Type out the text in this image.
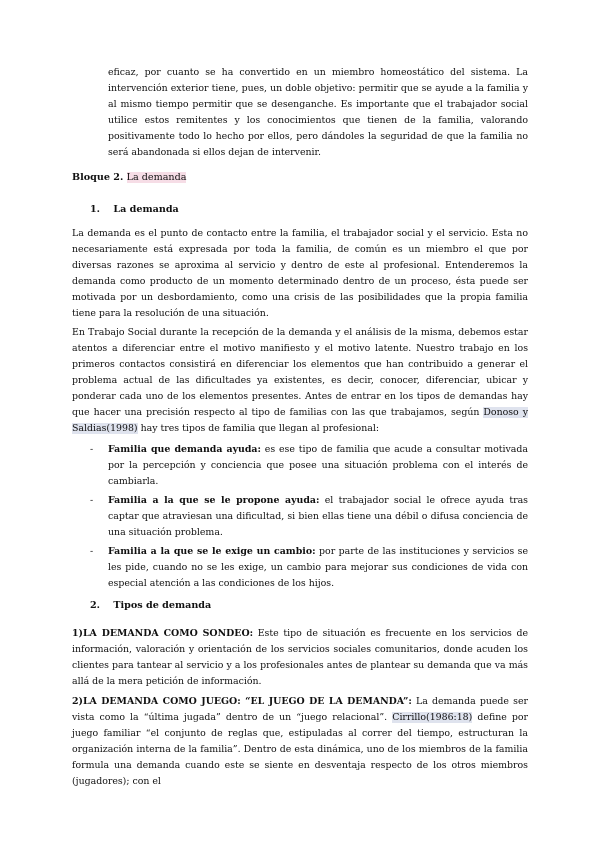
eficaz, por cuanto se ha convertido en un miembro homeostático del sistema. La intervención exterior tiene, pues, un doble objetivo: permitir que se ayude a la familia y al mismo tiempo permitir que se desenganche. Es importante que el trabajador social utilice estos remitentes y los conocimientos que tienen de la familia, valorando positivamente todo lo hecho por ellos, pero dándoles la seguridad de que la familia no será abandonada si ellos dejan de intervenir.

Bloque 2. La demanda
1. La demanda

La demanda es el punto de contacto entre la familia, el trabajador social y el servicio. Esta no necesariamente está expresada por toda la familia, de común es un miembro el que por diversas razones se aproxima al servicio y dentro de este al profesional. Entenderemos la demanda como producto de un momento determinado dentro de un proceso, ésta puede ser motivada por un desbordamiento, como una crisis de las posibilidades que la propia familia tiene para la resolución de una situación.

En Trabajo Social durante la recepción de la demanda y el análisis de la misma, debemos estar atentos a diferenciar entre el motivo manifiesto y el motivo latente. Nuestro trabajo en los primeros contactos consistirá en diferenciar los elementos que han contribuido a generar el problema actual de las dificultades ya existentes, es decir, conocer, diferenciar, ubicar y ponderar cada uno de los elementos presentes. Antes de entrar en los tipos de demandas hay que hacer una precisión respecto al tipo de familias con las que trabajamos, según Donoso y Saldias(1998) hay tres tipos de familia que llegan al profesional:

- Familia que demanda ayuda: es ese tipo de familia que acude a consultar motivada por la percepción y conciencia que posee una situación problema con el interés de cambiarla.
- Familia a la que se le propone ayuda: el trabajador social le ofrece ayuda tras captar que atraviesan una dificultad, si bien ellas tiene una débil o difusa conciencia de una situación problema.
- Familia a la que se le exige un cambio: por parte de las instituciones y servicios se les pide, cuando no se les exige, un cambio para mejorar sus condiciones de vida con especial atención a las condiciones de los hijos.
2. Tipos de demanda

1)LA DEMANDA COMO SONDEO: Este tipo de situación es frecuente en los servicios de información, valoración y orientación de los servicios sociales comunitarios, donde acuden los clientes para tantear al servicio y a los profesionales antes de plantear su demanda que va más allá de la mera petición de información.

2)LA DEMANDA COMO JUEGO: “EL JUEGO DE LA DEMANDA”: La demanda puede ser vista como la “última jugada” dentro de un “juego relacional”. Cirrillo(1986:18) define por juego familiar “el conjunto de reglas que, estipuladas al correr del tiempo, estructuran la organización interna de la familia”. Dentro de esta dinámica, uno de los miembros de la familia formula una demanda cuando este se siente en desventaja respecto de los otros miembros (jugadores); con el
